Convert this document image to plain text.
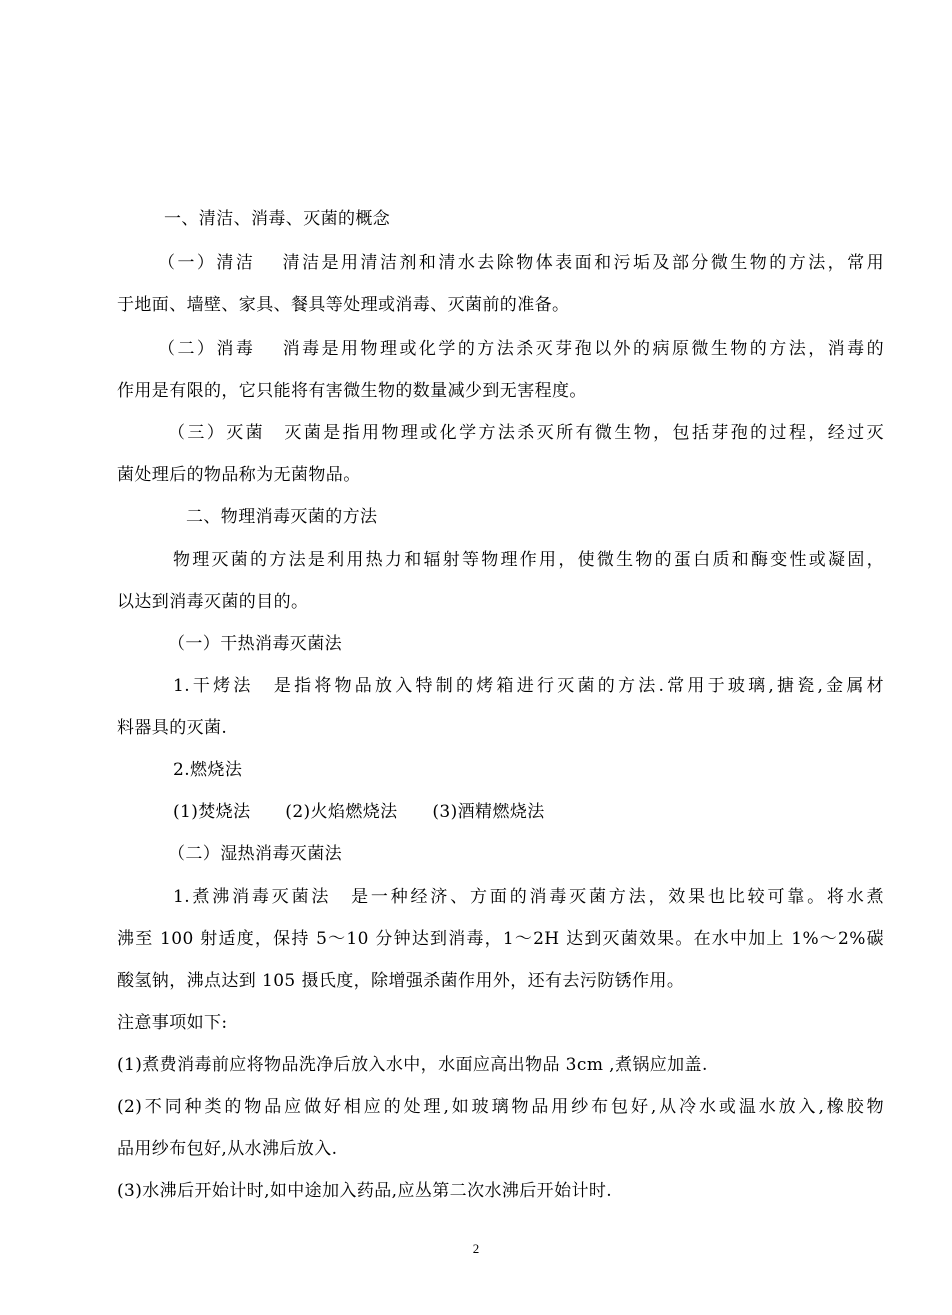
一、清洁、消毒、灭菌的概念
（一）清洁　 清洁是用清洁剂和清水去除物体表面和污垢及部分微生物的方法，常用
于地面、墙壁、家具、餐具等处理或消毒、灭菌前的准备。
（二）消毒　 消毒是用物理或化学的方法杀灭芽孢以外的病原微生物的方法，消毒的
作用是有限的，它只能将有害微生物的数量减少到无害程度。
（三）灭菌　灭菌是指用物理或化学方法杀灭所有微生物，包括芽孢的过程，经过灭
菌处理后的物品称为无菌物品。
二、物理消毒灭菌的方法
物理灭菌的方法是利用热力和辐射等物理作用，使微生物的蛋白质和酶变性或凝固，
以达到消毒灭菌的目的。
（一）干热消毒灭菌法
1.干烤法　是指将物品放入特制的烤箱进行灭菌的方法.常用于玻璃,搪瓷,金属材
料器具的灭菌.
2.燃烧法
(1)焚烧法　　(2)火焰燃烧法　　(3)酒精燃烧法
（二）湿热消毒灭菌法
1.煮沸消毒灭菌法　是一种经济、方面的消毒灭菌方法，效果也比较可靠。将水煮
沸至 100 射适度，保持 5～10 分钟达到消毒，1～2H 达到灭菌效果。在水中加上 1%～2%碳
酸氢钠，沸点达到 105 摄氏度，除增强杀菌作用外，还有去污防锈作用。
注意事项如下:
(1)煮费消毒前应将物品洗净后放入水中，水面应高出物品 3cm ,煮锅应加盖.
(2)不同种类的物品应做好相应的处理,如玻璃物品用纱布包好,从冷水或温水放入,橡胶物
品用纱布包好,从水沸后放入.
(3)水沸后开始计时,如中途加入药品,应丛第二次水沸后开始计时.
2
